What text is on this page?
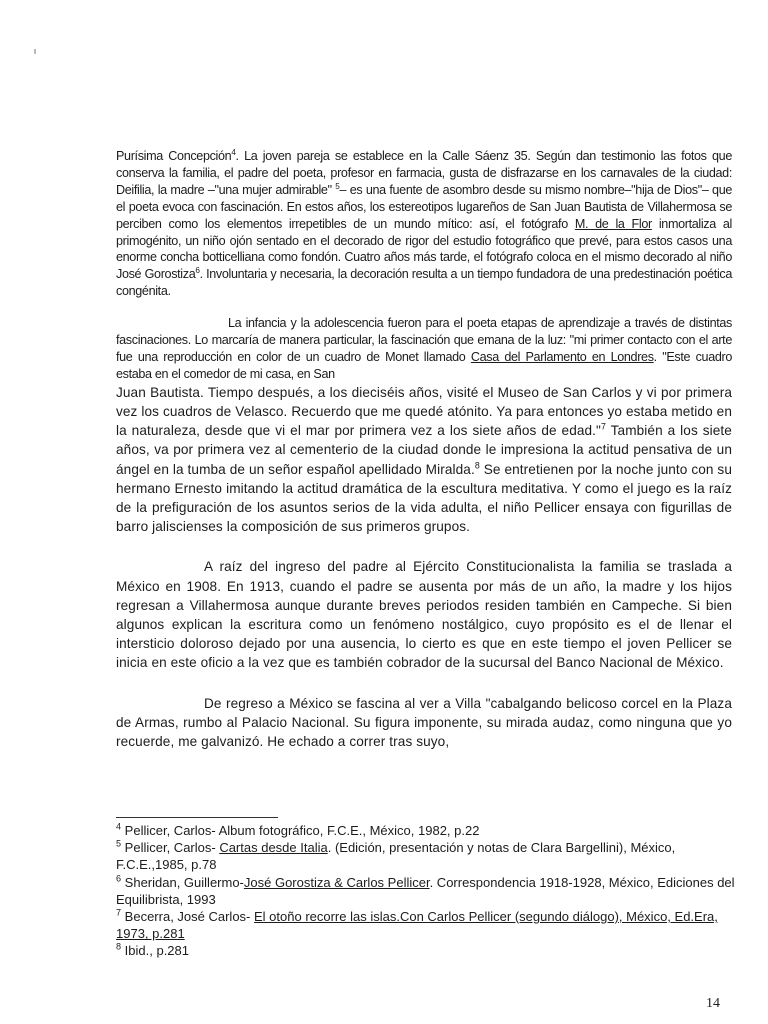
ι

Purísima Concepción$^4$. La joven pareja se establece en la Calle Sáenz 35. Según dan testimonio las fotos que conserva la familia, el padre del poeta, profesor en farmacia, gusta de disfrazarse en los carnavales de la ciudad: Deifilia, la madre –"una mujer admirable" $^5$– es una fuente de asombro desde su mismo nombre–"hija de Dios"– que el poeta evoca con fascinación. En estos años, los estereotipos lugareños de San Juan Bautista de Villahermosa se perciben como los elementos irrepetibles de un mundo mítico: así, el fotógrafo M. de la Flor inmortaliza al primogénito, un niño ojón sentado en el decorado de rigor del estudio fotográfico que prevé, para estos casos una enorme concha botticelliana como fondón. Cuatro años más tarde, el fotógrafo coloca en el mismo decorado al niño José Gorostiza$^6$. Involuntaria y necesaria, la decoración resulta a un tiempo fundadora de una predestinación poética congénita.

La infancia y la adolescencia fueron para el poeta etapas de aprendizaje a través de distintas fascinaciones. Lo marcaría de manera particular, la fascinación que emana de la luz: "mi primer contacto con el arte fue una reproducción en color de un cuadro de Monet llamado Casa del Parlamento en Londres. "Este cuadro estaba en el comedor de mi casa, en San

Juan Bautista. Tiempo después, a los dieciséis años, visité el Museo de San Carlos y vi por primera vez los cuadros de Velasco. Recuerdo que me quedé atónito. Ya para entonces yo estaba metido en la naturaleza, desde que vi el mar por primera vez a los siete años de edad."$^7$ También a los siete años, va por primera vez al cementerio de la ciudad donde le impresiona la actitud pensativa de un ángel en la tumba de un señor español apellidado Miralda.$^8$ Se entretienen por la noche junto con su hermano Ernesto imitando la actitud dramática de la escultura meditativa. Y como el juego es la raíz de la prefiguración de los asuntos serios de la vida adulta, el niño Pellicer ensaya con figurillas de barro jaliscienses la composición de sus primeros grupos.

A raíz del ingreso del padre al Ejército Constitucionalista la familia se traslada a México en 1908. En 1913, cuando el padre se ausenta por más de un año, la madre y los hijos regresan a Villahermosa aunque durante breves periodos residen también en Campeche. Si bien algunos explican la escritura como un fenómeno nostálgico, cuyo propósito es el de llenar el intersticio doloroso dejado por una ausencia, lo cierto es que en este tiempo el joven Pellicer se inicia en este oficio a la vez que es también cobrador de la sucursal del Banco Nacional de México.

De regreso a México se fascina al ver a Villa "cabalgando belicoso corcel en la Plaza de Armas, rumbo al Palacio Nacional. Su figura imponente, su mirada audaz, como ninguna que yo recuerde, me galvanizó. He echado a correr tras suyo,

$^4$ Pellicer, Carlos- Album fotográfico, F.C.E., México, 1982, p.22

$^5$ Pellicer, Carlos- Cartas desde Italia. (Edición, presentación y notas de Clara Bargellini), México, F.C.E.,1985, p.78

$^6$ Sheridan, Guillermo-José Gorostiza & Carlos Pellicer. Correspondencia 1918-1928, México, Ediciones del Equilibrista, 1993

$^7$ Becerra, José Carlos- El otoño recorre las islas.Con Carlos Pellicer (segundo diálogo), México, Ed.Era, 1973, p.281

$^8$ Ibid., p.281

14
